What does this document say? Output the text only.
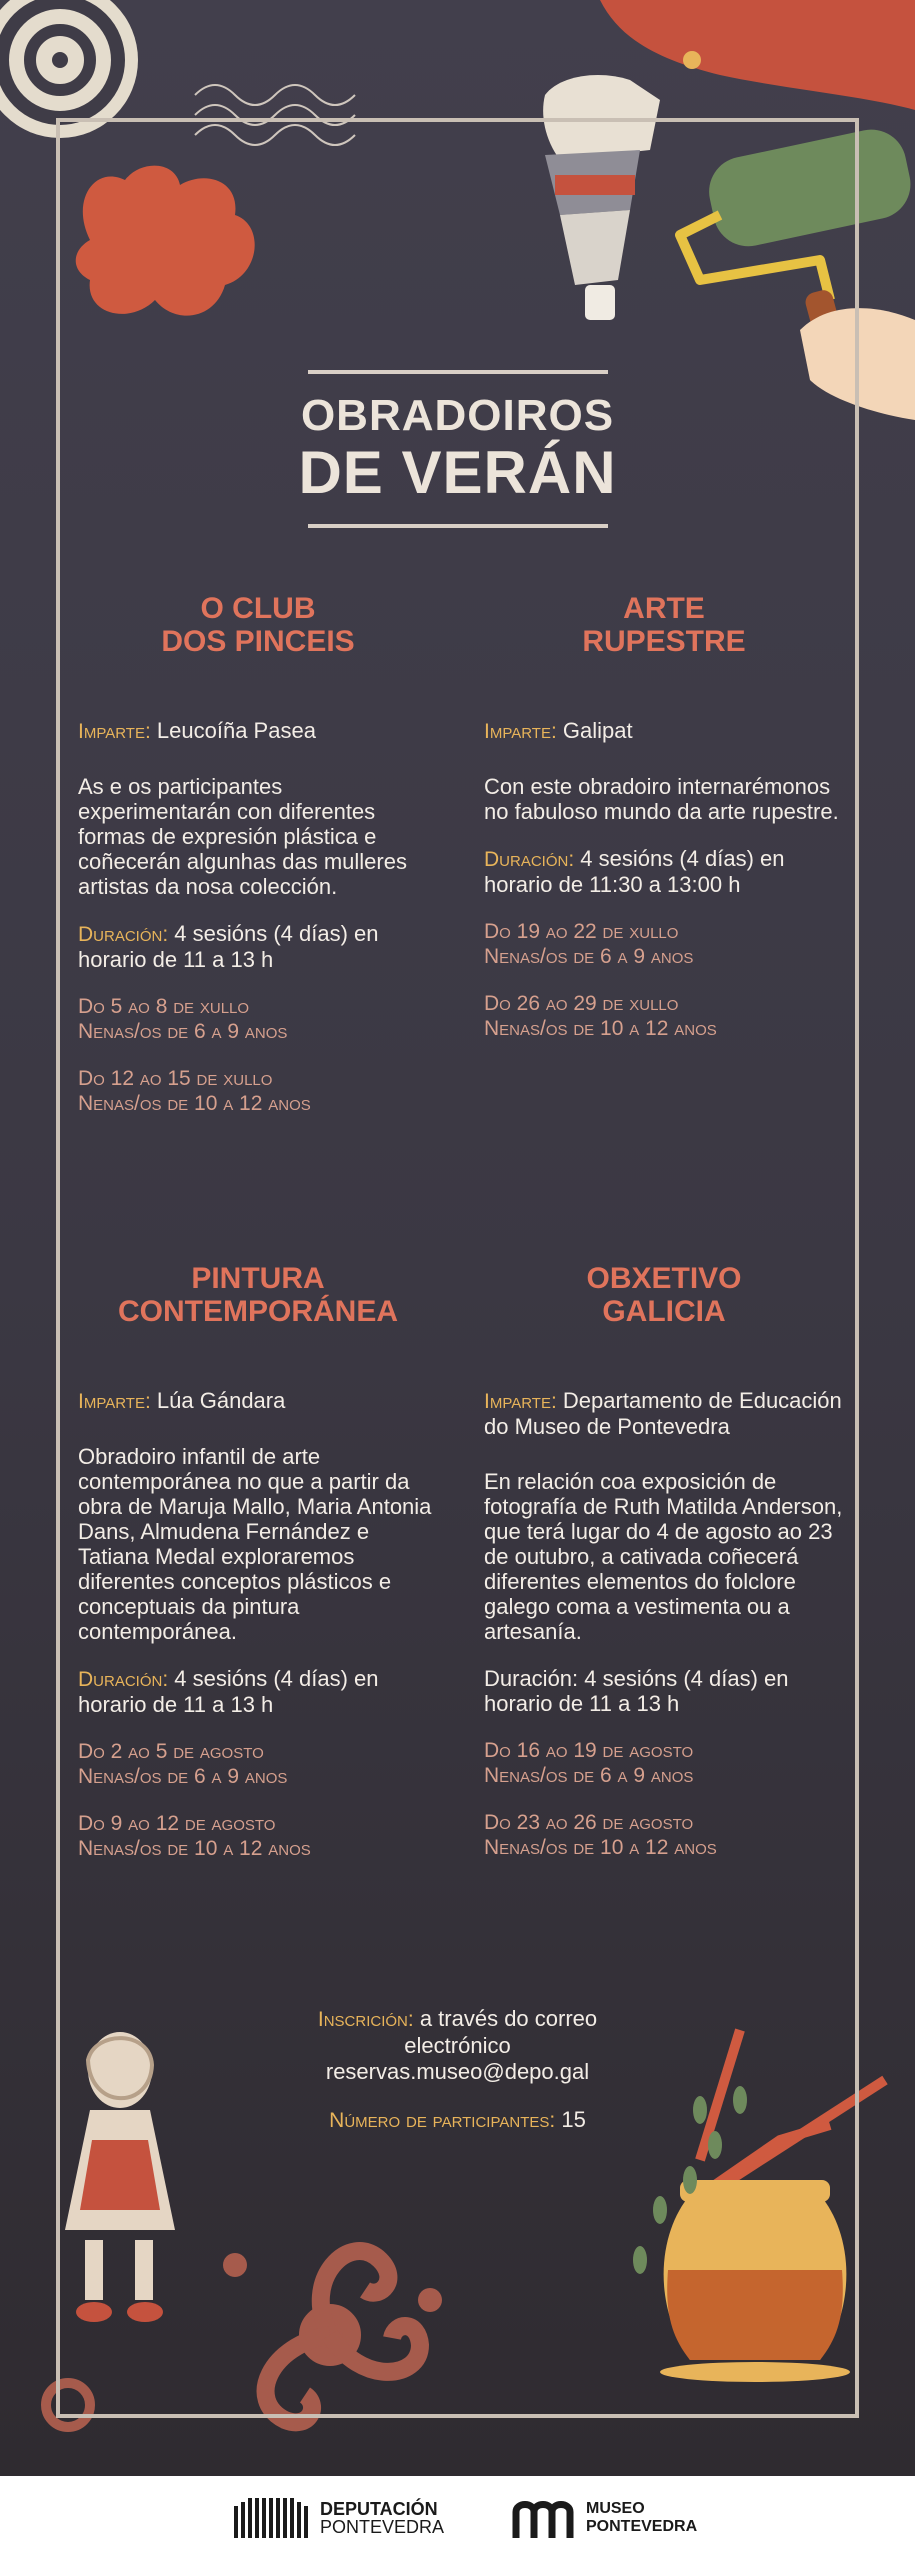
OBRADOIROS
DE VERÁN
O CLUB
DOS PINCEIS
Imparte: Leucoíña Pasea
As e os participantes experimentarán con diferentes formas de expresión plástica e coñecerán algunhas das mulleres artistas da nosa colección.
Duración: 4 sesións (4 días) en horario de 11 a 13 h
Do 5 ao 8 de xullo
Nenas/os de 6 a 9 anos
Do 12 ao 15 de xullo
Nenas/os de 10 a 12 anos
ARTE
RUPESTRE
Imparte: Galipat
Con este obradoiro internarémonos no fabuloso mundo da arte rupestre.
Duración: 4 sesións (4 días) en horario de 11:30 a 13:00 h
Do 19 ao 22 de xullo
Nenas/os de 6 a 9 anos
Do 26 ao 29 de xullo
Nenas/os de 10 a 12 anos
PINTURA
CONTEMPORÁNEA
Imparte: Lúa Gándara
Obradoiro infantil de arte contemporánea no que a partir da obra de Maruja Mallo, Maria Antonia Dans, Almudena Fernández e Tatiana Medal exploraremos diferentes conceptos plásticos e conceptuais da pintura contemporánea.
Duración: 4 sesións (4 días) en horario de 11 a 13 h
Do 2 ao 5 de agosto
Nenas/os de 6 a 9 anos
Do 9 ao 12 de agosto
Nenas/os de 10 a 12 anos
OBXETIVO
GALICIA
Imparte: Departamento de Educación do Museo de Pontevedra
En relación coa exposición de fotografía de Ruth Matilda Anderson, que terá lugar do 4 de agosto ao 23 de outubro, a cativada coñecerá diferentes elementos do folclore galego coma a vestimenta ou a artesanía.
Duración: 4 sesións (4 días) en horario de 11 a 13 h
Do 16 ao 19 de agosto
Nenas/os de 6 a 9 anos
Do 23 ao 26 de agosto
Nenas/os de 10 a 12 anos
Inscrición: a través do correo
electrónico
reservas.museo@depo.gal
Número de participantes: 15
DEPUTACIÓN
PONTEVEDRA
MUSEO
PONTEVEDRA
